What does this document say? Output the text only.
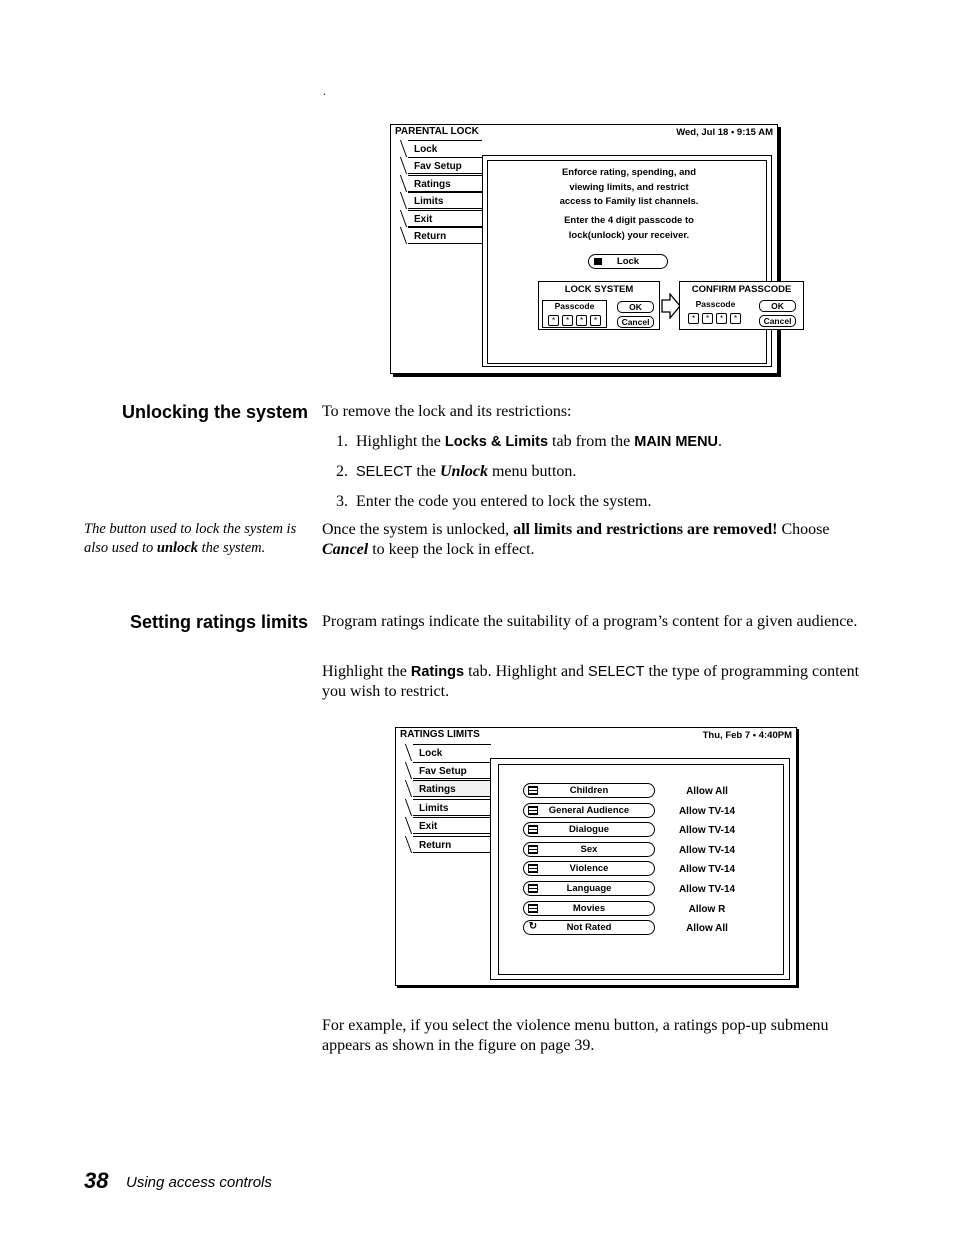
.
PARENTAL LOCK	Wed, Jul 18 • 9:15 AM
Lock
Fav Setup
Ratings
Limits
Exit
Return
Enforce rating, spending, and viewing limits, and restrict access to Family list channels.
Enter the 4 digit passcode to lock(unlock) your receiver.
Lock
LOCK SYSTEM
Passcode
*	*	*	*
OK
Cancel
CONFIRM PASSCODE
Passcode
*	*	*	*
OK
Cancel
Unlocking the system To remove the lock and its restrictions:
1. Highlight the Locks & Limits tab from the MAIN MENU.
2. SELECT the Unlock menu button.
3. Enter the code you entered to lock the system.
The button used to lock the system is also used to unlock the system.
Once the system is unlocked, all limits and restrictions are removed! Choose Cancel to keep the lock in effect.
Setting ratings limits Program ratings indicate the suitability of a program’s content for a given audience.
Highlight the Ratings tab. Highlight and SELECT the type of programming content you wish to restrict.
RATINGS LIMITS	Thu, Feb 7 • 4:40PM
Lock
Fav Setup
Ratings
Limits
Exit
Return
Children	Allow All
General Audience	Allow TV-14
Dialogue	Allow TV-14
Sex	Allow TV-14
Violence	Allow TV-14
Language	Allow TV-14
Movies	Allow R
↻	Not Rated	Allow All
For example, if you select the violence menu button, a ratings pop-up submenu appears as shown in the figure on page 39.
38 Using access controls
